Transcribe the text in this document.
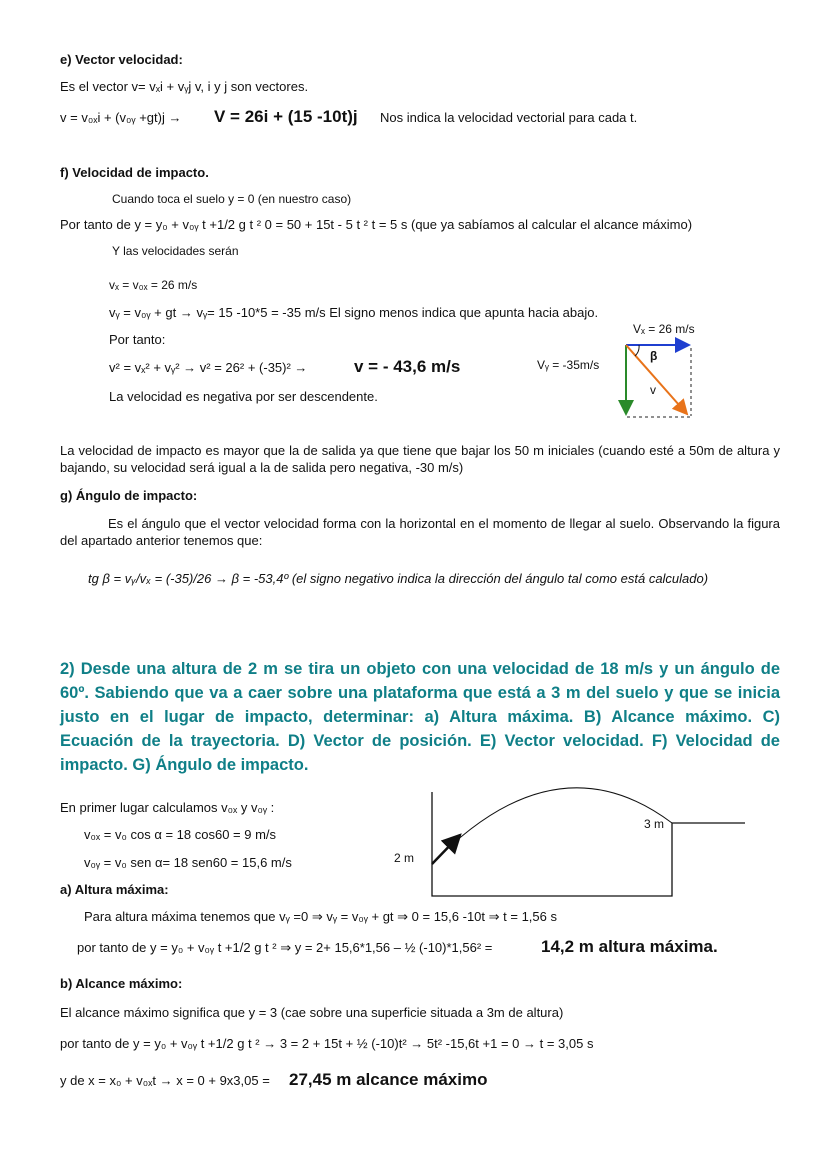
e) Vector velocidad:
Es el vector v= vₓi + vᵧj v, i y j son vectores.
v = v₀ₓi + (v₀ᵧ +gt)j → V = 26i + (15 -10t)j Nos indica la velocidad vectorial para cada t.
f) Velocidad de impacto.
Cuando toca el suelo y = 0 (en nuestro caso)
Por tanto de y = y₀ + v₀ᵧ t +1/2 g t ² 0 = 50 + 15t - 5 t ² t = 5 s (que ya sabíamos al calcular el alcance máximo)
Y las velocidades serán
vₓ = v₀ₓ = 26 m/s
vᵧ = v₀ᵧ + gt → vᵧ= 15 -10*5 = -35 m/s El signo menos indica que apunta hacia abajo.
Por tanto:
v² = vₓ² + vᵧ² → v² = 26² + (-35)² →	v = - 43,6 m/s
La velocidad es negativa por ser descendente.
Vₓ = 26 m/s
Vᵧ = -35m/s
β
v
La velocidad de impacto es mayor que la de salida ya que tiene que bajar los 50 m iniciales (cuando esté a 50m de altura y bajando, su velocidad será igual a la de salida pero negativa, -30 m/s)
g) Ángulo de impacto:
Es el ángulo que el vector velocidad forma con la horizontal en el momento de llegar al suelo. Observando la figura del apartado anterior tenemos que:
tg β = vᵧ/vₓ = (-35)/26 → β = -53,4º (el signo negativo indica la dirección del ángulo tal como está calculado)
2) Desde una altura de 2 m se tira un objeto con una velocidad de 18 m/s y un ángulo de 60º. Sabiendo que va a caer sobre una plataforma que está a 3 m del suelo y que se inicia justo en el lugar de impacto, determinar: a) Altura máxima. B) Alcance máximo. C) Ecuación de la trayectoria. D) Vector de posición. E) Vector velocidad. F) Velocidad de impacto. G) Ángulo de impacto.
En primer lugar calculamos v₀ₓ y v₀ᵧ :
v₀ₓ = v₀ cos α = 18 cos60 = 9 m/s
v₀ᵧ = v₀ sen α= 18 sen60 = 15,6 m/s	2 m
3 m
a) Altura máxima:
Para altura máxima tenemos que vᵧ =0 ⇒ vᵧ = v₀ᵧ + gt ⇒ 0 = 15,6 -10t ⇒ t = 1,56 s
por tanto de y = y₀ + v₀ᵧ t +1/2 g t ² ⇒ y = 2+ 15,6*1,56 – ½ (-10)*1,56² =	14,2 m altura máxima.
b) Alcance máximo:
El alcance máximo significa que y = 3 (cae sobre una superficie situada a 3m de altura)
por tanto de y = y₀ + v₀ᵧ t +1/2 g t ² → 3 = 2 + 15t + ½ (-10)t² → 5t² -15,6t +1 = 0 → t = 3,05 s
y de x = x₀ + v₀ₓt → x = 0 + 9x3,05 = 27,45 m alcance máximo
